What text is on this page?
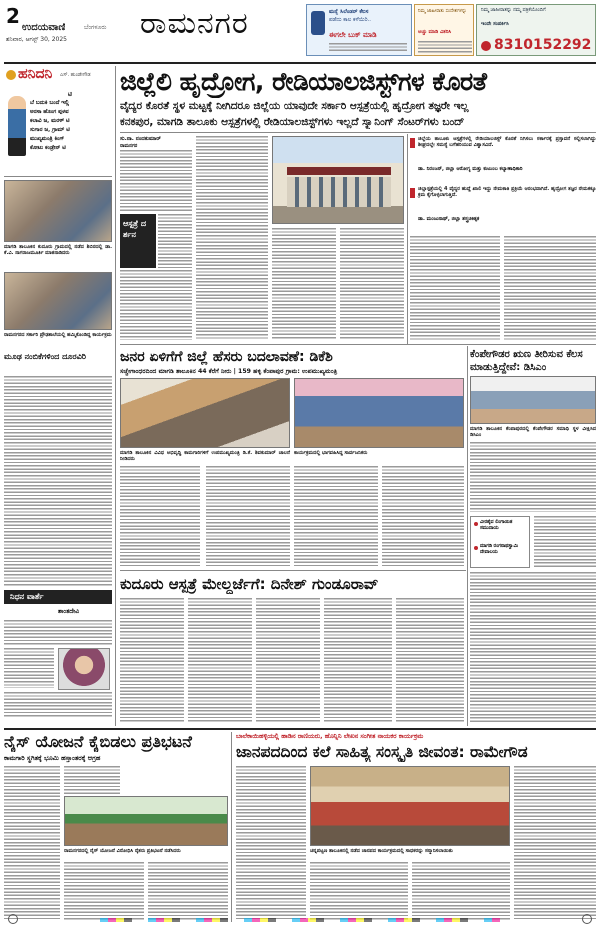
2 ಉದಯವಾಣಿ	ಬೆಂಗಳೂರು
ಶನಿವಾರ, ಆಗಸ್ಟ್ 30, 2025 ರಾಮನಗರ	ಮನ್ನೆ ಸಿಲೆಂಡರ್ ಕೆಲಸ
ಪಡೆದು ಕಾಲ ಕಳೆಯಿರಿ..
ಈಗಲೇ ಬುಕ್ ಮಾಡಿ
ನಿಮ್ಮ ಜಾಹೀರಾತು ಸಂದೇಶಗಳನ್ನು
ಅಚ್ಚು ಮಾಡಿ ವಿತರಿಸಿ
ನಿಮ್ಮ ಜಾಹೀರಾತನ್ನು ನಮ್ಮ ಪತ್ರಿಕೆಯೊಂದಿಗೆ
ಇಂದೇ ಸಂಪರ್ಕಿಸಿ
8310152292
ಹನಿದನಿ ಎಸ್. ಹುಂಡೇಗೌಡ
ಟಿ
ಬೆ ಬದುಕಿ ಬಂದೆ ಇಲ್ಲಿ
ಅರಸಾ ಹೊಂಗ ಪ್ಪಳವ
ಕಲಾವಿ ಜ, ಮರಳ್ ಟಿ
ಸುಗಾರ ಜ, ಗ್ರಾಮ್ ಟಿ
ಮುಖ್ಯಮಂತ್ರಿ ಕಿಂಗ್
ಕೋಟು ಕಂಡ್ರೇನ್ ಟಿ
ಮಾಗಡಿ ತಾಲೂಕಿನ ಕುದೂರು ಗ್ರಾಮದಲ್ಲಿ ನಡೆದ ಶಿಬಿರದಲ್ಲಿ ಡಾ. ಕೆ.ವಿ. ನಾಗರಾಜಮೂರ್ತಿ ಮಾತನಾಡಿದರು
ರಾಮನಗರದ ಸರ್ಕಾರಿ ಪ್ರೌಢಶಾಲೆಯಲ್ಲಿ ಹಮ್ಮಿಕೊಂಡಿದ್ದ ಕಾರ್ಯಕ್ರಮ
ಮೂಢ ನಂಬಿಕೆಗಳಿಂದ ದೂರವಿರಿ
ನಿಧನ ವಾರ್ತೆ
ಶಾಂತದೇವಿ
ಜಿಲ್ಲೆಲಿ ಹೃದ್ರೋಗ, ರೇಡಿಯಾಲಜಿಸ್ಟ್‌ಗಳ ಕೊರತೆ
ವೈದ್ಯರ ಕೊರತೆ ಸ್ಥಳ ಮಟ್ಟಕ್ಕೆ ನೀಗಿದರೂ ಜಿಲ್ಲೆಯ ಯಾವುದೇ ಸರ್ಕಾರಿ ಆಸ್ಪತ್ರೆಯಲ್ಲಿ ಹೃದ್ರೋಗ ತಜ್ಞರೇ ಇಲ್ಲ
ಕನಕಪುರ, ಮಾಗಡಿ ತಾಲೂಕು ಆಸ್ಪತ್ರೆಗಳಲ್ಲಿ ರೇಡಿಯಾಲಜಿಸ್ಟ್‌ಗಳು ಇಲ್ಲದೆ ಸ್ಕ್ಯಾನಿಂಗ್ ಸೆಂಟರ್‌ಗಳು ಬಂದ್
ಸು.ನಾ. ನಂದಕುಮಾರ್
ರಾಮನಗರ
ಆಸ್ಪತ್ರೆ ದರ್ಶನ
ಜಿಲ್ಲೆಯ ತಾಲೂಕು ಆಸ್ಪತ್ರೆಗಳಲ್ಲಿ ರೇಡಿಯಾಲಜಿಸ್ಟ್ ಕೊರತೆ ನಿಗಿಸಲು ಸರ್ಕಾರಕ್ಕೆ ಪ್ರಸ್ತಾವನೆ ಸಲ್ಲಿಸಲಾಗಿದ್ದು ಶೀಘ್ರದಲ್ಲೇ ಸಮಸ್ಯೆ ಬಗೆಹರಿಯುವ ವಿಶ್ವಾಸವಿದೆ.
ಡಾ. ನಿರಂಜನ್, ಜಿಲ್ಲಾ ಆರೋಗ್ಯ ಮತ್ತು ಕುಟುಂಬ ಕಲ್ಯಾಣಾಧಿಕಾರಿ
ಜಿಲ್ಲಾಸ್ಪತ್ರೆಯಲ್ಲಿ 4 ವೈದ್ಯರ ಹುದ್ದೆ ಖಾಲಿ ಇದ್ದು ನೇಮಕಾತಿ ಪ್ರಕ್ರಿಯೆ ಆರಂಭವಾಗಿದೆ. ಹೃದ್ರೋಗ ತಜ್ಞರ ನೇಮಕಕ್ಕೂ ಕ್ರಮ ಕೈಗೊಳ್ಳಲಾಗುತ್ತಿದೆ.
ಡಾ. ಮಂಜುನಾಥ್, ಜಿಲ್ಲಾ ಶಸ್ತ್ರಚಿಕಿತ್ಸಕ
ಜನರ ಏಳಿಗೆಗೆ ಜಿಲ್ಲೆ ಹೆಸರು ಬದಲಾವಣೆ: ಡಿಕೆಶಿ
ಸಚ್ಚೇಗಾಂಧರದಿಂದ ಮಾಗಡಿ ತಾಲೂಕಿನ 44 ಕೆರೆಗೆ ನೀರು | 159 ಹಳ್ಳಿ ಕೆಂಪಾಪುರ ಗ್ರಾಮ: ಉಪಮುಖ್ಯಮಂತ್ರಿ
ಮಾಗಡಿ ತಾಲೂಕಿನ ವಿವಿಧ ಅಭಿವೃದ್ಧಿ ಕಾಮಗಾರಿಗಳಿಗೆ ಉಪಮುಖ್ಯಮಂತ್ರಿ ಡಿ.ಕೆ. ಶಿವಕುಮಾರ್ ಚಾಲನೆ ನೀಡಿದರು
ಕಾರ್ಯಕ್ರಮದಲ್ಲಿ ಭಾಗವಹಿಸಿದ್ದ ಸಾರ್ವಜನಿಕರು
ಕೆಂಪೇಗೌಡರ ಋಣ ತೀರಿಸುವ ಕೆಲಸ ಮಾಡುತ್ತಿದ್ದೇವೆ: ಡಿಸಿಎಂ
ಮಾಗಡಿ ತಾಲೂಕಿನ ಕೆಂಪಾಪುರದಲ್ಲಿ ಕೆಂಪೇಗೌಡರ ಸಮಾಧಿ ಸ್ಥಳ ವೀಕ್ಷಿಸಿದ ಡಿಸಿಎಂ
ವೀರಶೈವ ಲಿಂಗಾಯಿತ ಸಮುದಾಯ
ಮಾಗಡಿ ರಂಗನಾಥಸ್ವಾಮಿ ದೇವಾಲಯ
ಕುದೂರು ಆಸ್ಪತ್ರೆ ಮೇಲ್ದರ್ಜೆಗೆ: ದಿನೇಶ್ ಗುಂಡೂರಾವ್
ನೈಸ್ ಯೋಜನೆ ಕೈಬಿಡಲು ಪ್ರತಿಭಟನೆ
ಕಾಮಗಾರಿ ಸ್ಥಗಿತಕ್ಕೆ ಭೂಮಿ ಹಸ್ತಾಂತರಕ್ಕೆ ಆಗ್ರಹ
ರಾಮನಗರದಲ್ಲಿ ನೈಸ್ ಯೋಜನೆ ವಿರೋಧಿಸಿ ರೈತರು ಪ್ರತಿಭಟನೆ ನಡೆಸಿದರು
ಬಾಲೆಕಾಯಿಹಳ್ಳಿಯಲ್ಲಿ ಹಾಡಿನ ರಾಣಿಯರು, ಹೊನ್ನಿನಿ ಲೇಖನ ಸಂಗೀತ ನಾಯಕರ ಕಾರ್ಯಕ್ರಮ
ಜಾನಪದದಿಂದ ಕಲೆ ಸಾಹಿತ್ಯ ಸಂಸ್ಕೃತಿ ಜೀವಂತ: ರಾಮೇಗೌಡ
ಚನ್ನಪಟ್ಟಣ ತಾಲೂಕಿನಲ್ಲಿ ನಡೆದ ಜಾನಪದ ಕಾರ್ಯಕ್ರಮದಲ್ಲಿ ಸಾಧಕರನ್ನು ಸನ್ಮಾನಿಸಲಾಯಿತು
